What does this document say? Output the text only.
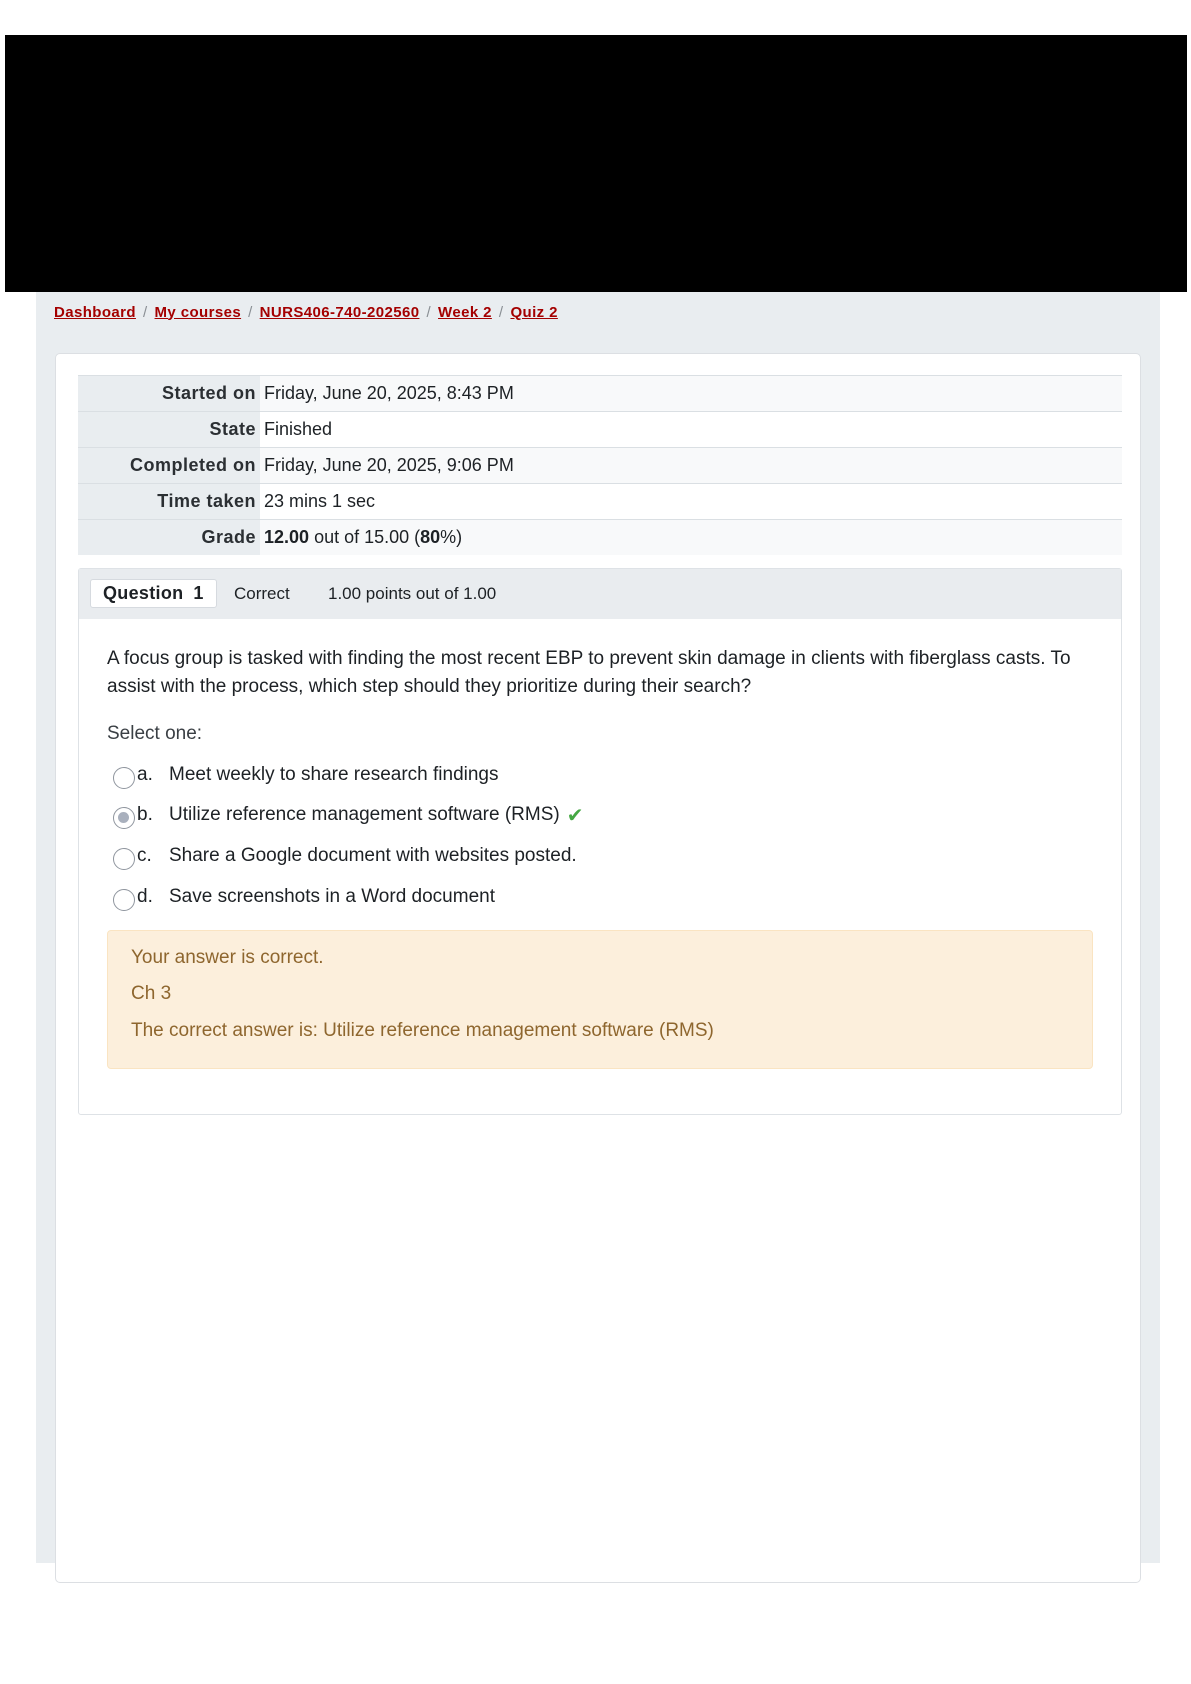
Dashboard / My courses / NURS406-740-202560 / Week 2 / Quiz 2
Started on	Friday, June 20, 2025, 8:43 PM
State	Finished
Completed on	Friday, June 20, 2025, 9:06 PM
Time taken	23 mins 1 sec
Grade	12.00 out of 15.00 (80%)
Question 1	Correct 1.00 points out of 1.00
A focus group is tasked with finding the most recent EBP to prevent skin damage in clients with fiberglass casts. To assist with the process, which step should they prioritize during their search?
Select one:
a. Meet weekly to share research findings
b. Utilize reference management software (RMS) ✔
c. Share a Google document with websites posted.
d. Save screenshots in a Word document
Your answer is correct.
Ch 3
The correct answer is: Utilize reference management software (RMS)
